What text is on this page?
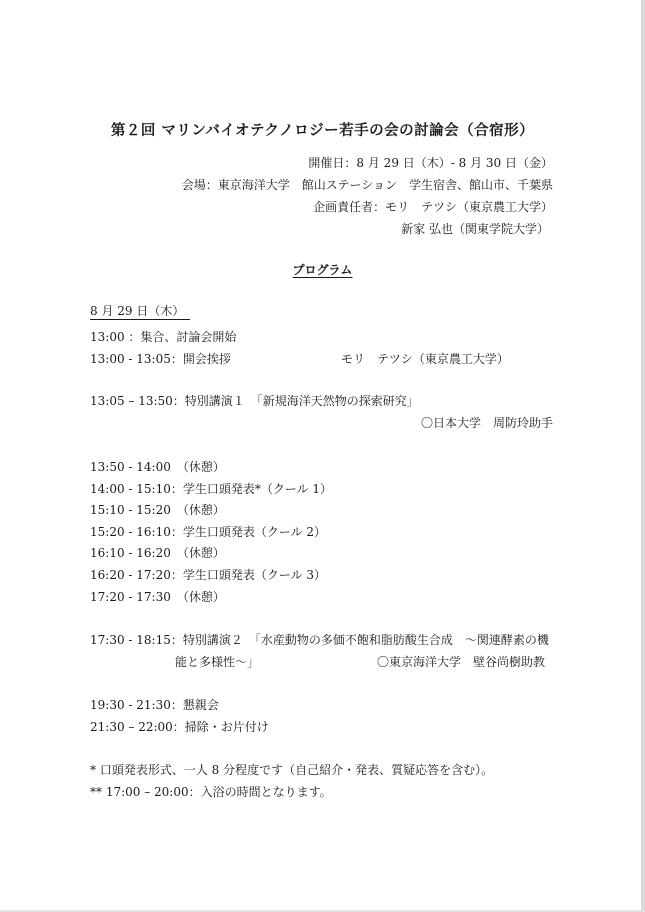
第２回 マリンバイオテクノロジー若手の会の討論会（合宿形）
開催日：8 月 29 日（木）- 8 月 30 日（金）
会場：東京海洋大学　館山ステーション　学生宿舎、館山市、千葉県
企画責任者：モリ　テツシ（東京農工大学）
新家 弘也（関東学院大学）
プログラム
8 月 29 日（木）
13:00 ：集合、討論会開始
13:00 - 13:05：開会挨拶	モリ　テツシ（東京農工大学）
13:05 – 13:50：特別講演１　「新規海洋天然物の探索研究」
〇日本大学　周防玲助手
13:50 - 14:00　（休憩）
14:00 - 15:10：学生口頭発表*（クール 1）
15:10 - 15:20　（休憩）
15:20 - 16:10：学生口頭発表（クール 2）
16:10 - 16:20　（休憩）
16:20 - 17:20：学生口頭発表（クール 3）
17:20 - 17:30　（休憩）
17:30 - 18:15：特別講演２　「水産動物の多価不飽和脂肪酸生合成　～関連酵素の機
能と多様性～」	〇東京海洋大学　壁谷尚樹助教
19:30 - 21:30：懇親会
21:30 – 22:00：掃除・お片付け
* 口頭発表形式、一人 8 分程度です（自己紹介・発表、質疑応答を含む）。
** 17:00 – 20:00：入浴の時間となります。
